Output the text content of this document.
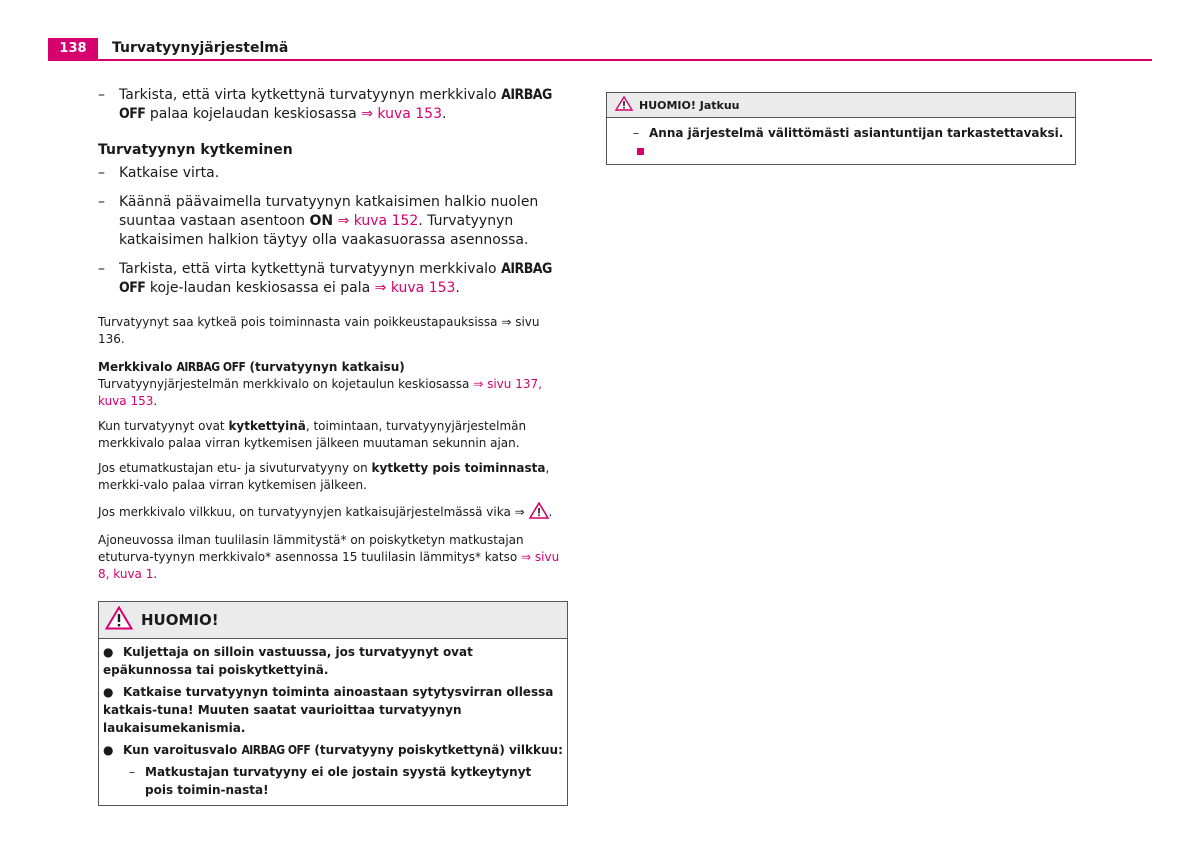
138	Turvatyynyjärjestelmä
– Tarkista, että virta kytkettynä turvatyynyn merkkivalo AIRBAG OFF palaa kojelaudan keskiosassa ⇒ kuva 153.
Turvatyynyn kytkeminen
– Katkaise virta.
– Käännä päävaimella turvatyynyn katkaisimen halkio nuolen suuntaa vastaan asentoon ON ⇒ kuva 152. Turvatyynyn katkaisimen halkion täytyy olla vaakasuorassa asennossa.
– Tarkista, että virta kytkettynä turvatyynyn merkkivalo AIRBAG OFF koje-laudan keskiosassa ei pala ⇒ kuva 153.
Turvatyynyt saa kytkeä pois toiminnasta vain poikkeustapauksissa ⇒ sivu 136.
Merkkivalo AIRBAG OFF (turvatyynyn katkaisu)
Turvatyynyjärjestelmän merkkivalo on kojetaulun keskiosassa ⇒ sivu 137,
kuva 153.
Kun turvatyynyt ovat kytkettyinä, toimintaan, turvatyynyjärjestelmän merkkivalo palaa virran kytkemisen jälkeen muutaman sekunnin ajan.
Jos etumatkustajan etu- ja sivuturvatyyny on kytketty pois toiminnasta, merkki-valo palaa virran kytkemisen jälkeen.
Jos merkkivalo vilkkuu, on turvatyynyjen katkaisujärjestelmässä vika ⇒ .
Ajoneuvossa ilman tuulilasin lämmitystä* on poiskytketyn matkustajan etuturva-tyynyn merkkivalo* asennossa 15 tuulilasin lämmitys* katso ⇒ sivu 8, kuva 1.
HUOMIO!
● Kuljettaja on silloin vastuussa, jos turvatyynyt ovat epäkunnossa tai poiskytkettyinä.
● Katkaise turvatyynyn toiminta ainoastaan sytytysvirran ollessa katkais-tuna! Muuten saatat vaurioittaa turvatyynyn laukaisumekanismia.
● Kun varoitusvalo AIRBAG OFF (turvatyyny poiskytkettynä) vilkkuu:
– Matkustajan turvatyyny ei ole jostain syystä kytkeytynyt pois toimin-nasta!
HUOMIO! Jatkuu
– Anna järjestelmä välittömästi asiantuntijan tarkastettavaksi.
